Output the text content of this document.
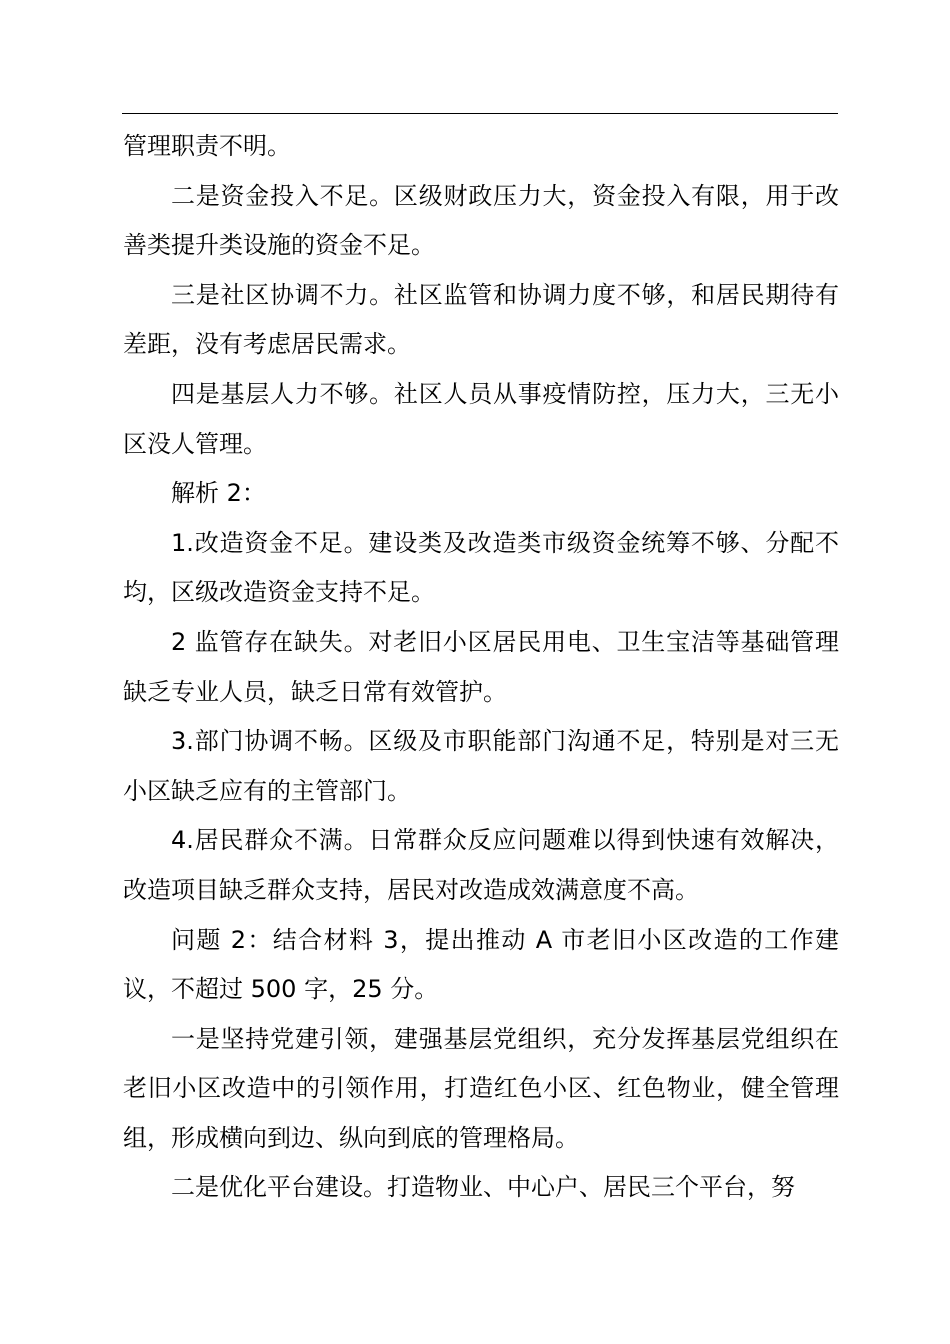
管理职责不明。

二是资金投入不足。区级财政压力大，资金投入有限，用于改善类提升类设施的资金不足。

三是社区协调不力。社区监管和协调力度不够，和居民期待有差距，没有考虑居民需求。

四是基层人力不够。社区人员从事疫情防控，压力大，三无小区没人管理。

解析 2：

1.改造资金不足。建设类及改造类市级资金统筹不够、分配不均，区级改造资金支持不足。

2 监管存在缺失。对老旧小区居民用电、卫生宝洁等基础管理缺乏专业人员，缺乏日常有效管护。

3.部门协调不畅。区级及市职能部门沟通不足，特别是对三无小区缺乏应有的主管部门。

4.居民群众不满。日常群众反应问题难以得到快速有效解决，改造项目缺乏群众支持，居民对改造成效满意度不高。

问题 2：结合材料 3，提出推动 A 市老旧小区改造的工作建议，不超过 500 字，25 分。

一是坚持党建引领，建强基层党组织，充分发挥基层党组织在老旧小区改造中的引领作用，打造红色小区、红色物业，健全管理组，形成横向到边、纵向到底的管理格局。

二是优化平台建设。打造物业、中心户、居民三个平台，努
